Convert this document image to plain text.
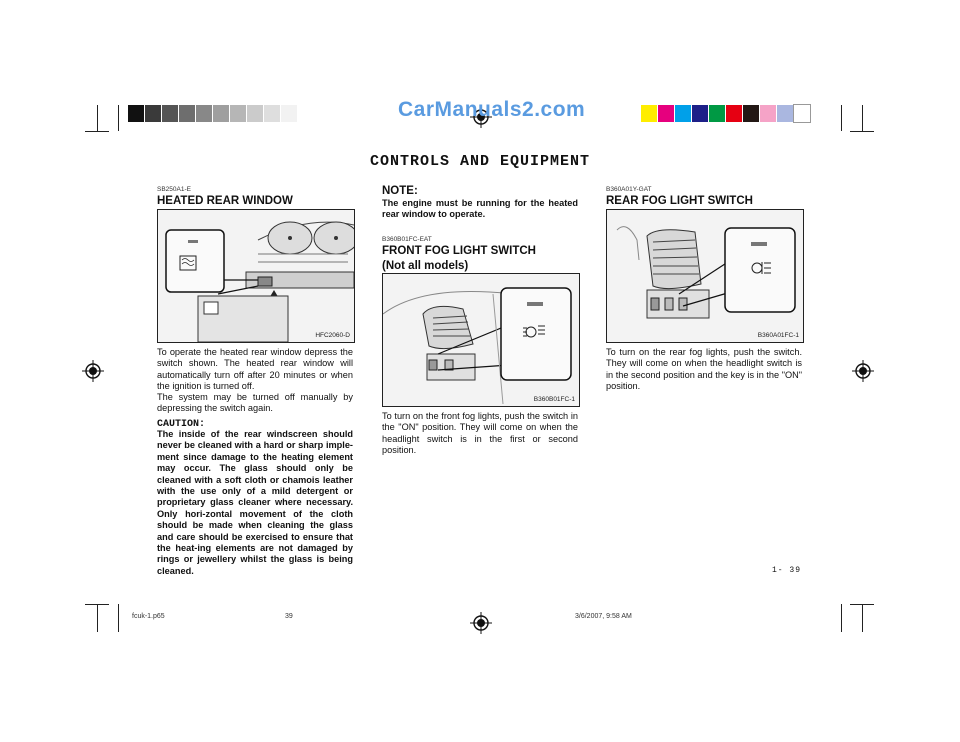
CarManuals2.com
CONTROLS AND EQUIPMENT
SB250A1-E
HEATED REAR WINDOW
HFC2060-D
To operate the heated rear window depress the switch shown. The heated rear window will automatically turn off after 20 minutes or when the ignition is turned off.
The system may be turned off manually by depressing the switch again.
CAUTION:
The inside of the rear windscreen should never be cleaned with a hard or sharp imple-ment since damage to the heating element may occur. The glass should only be cleaned with a soft cloth or chamois leather with the use only of a mild detergent or proprietary glass cleaner where necessary. Only hori-zontal movement of the cloth should be made when cleaning the glass and care should be exercised to ensure that the heat-ing elements are not damaged by rings or jewellery whilst the glass is being cleaned.
NOTE:
The engine must be running for the heated rear window to operate.
B360B01FC-EAT
FRONT FOG LIGHT SWITCH
(Not all models)
B360B01FC-1
To turn on the front fog lights, push the switch in the "ON" position. They will come on when the headlight switch is in the first or second position.
B360A01Y-GAT
REAR FOG LIGHT SWITCH
B360A01FC-1
To turn on the rear fog lights, push the switch. They will come on when the headlight switch is in the second position and the key is in the "ON" position.
1- 39
fcuk-1.p65	39	3/6/2007, 9:58 AM
